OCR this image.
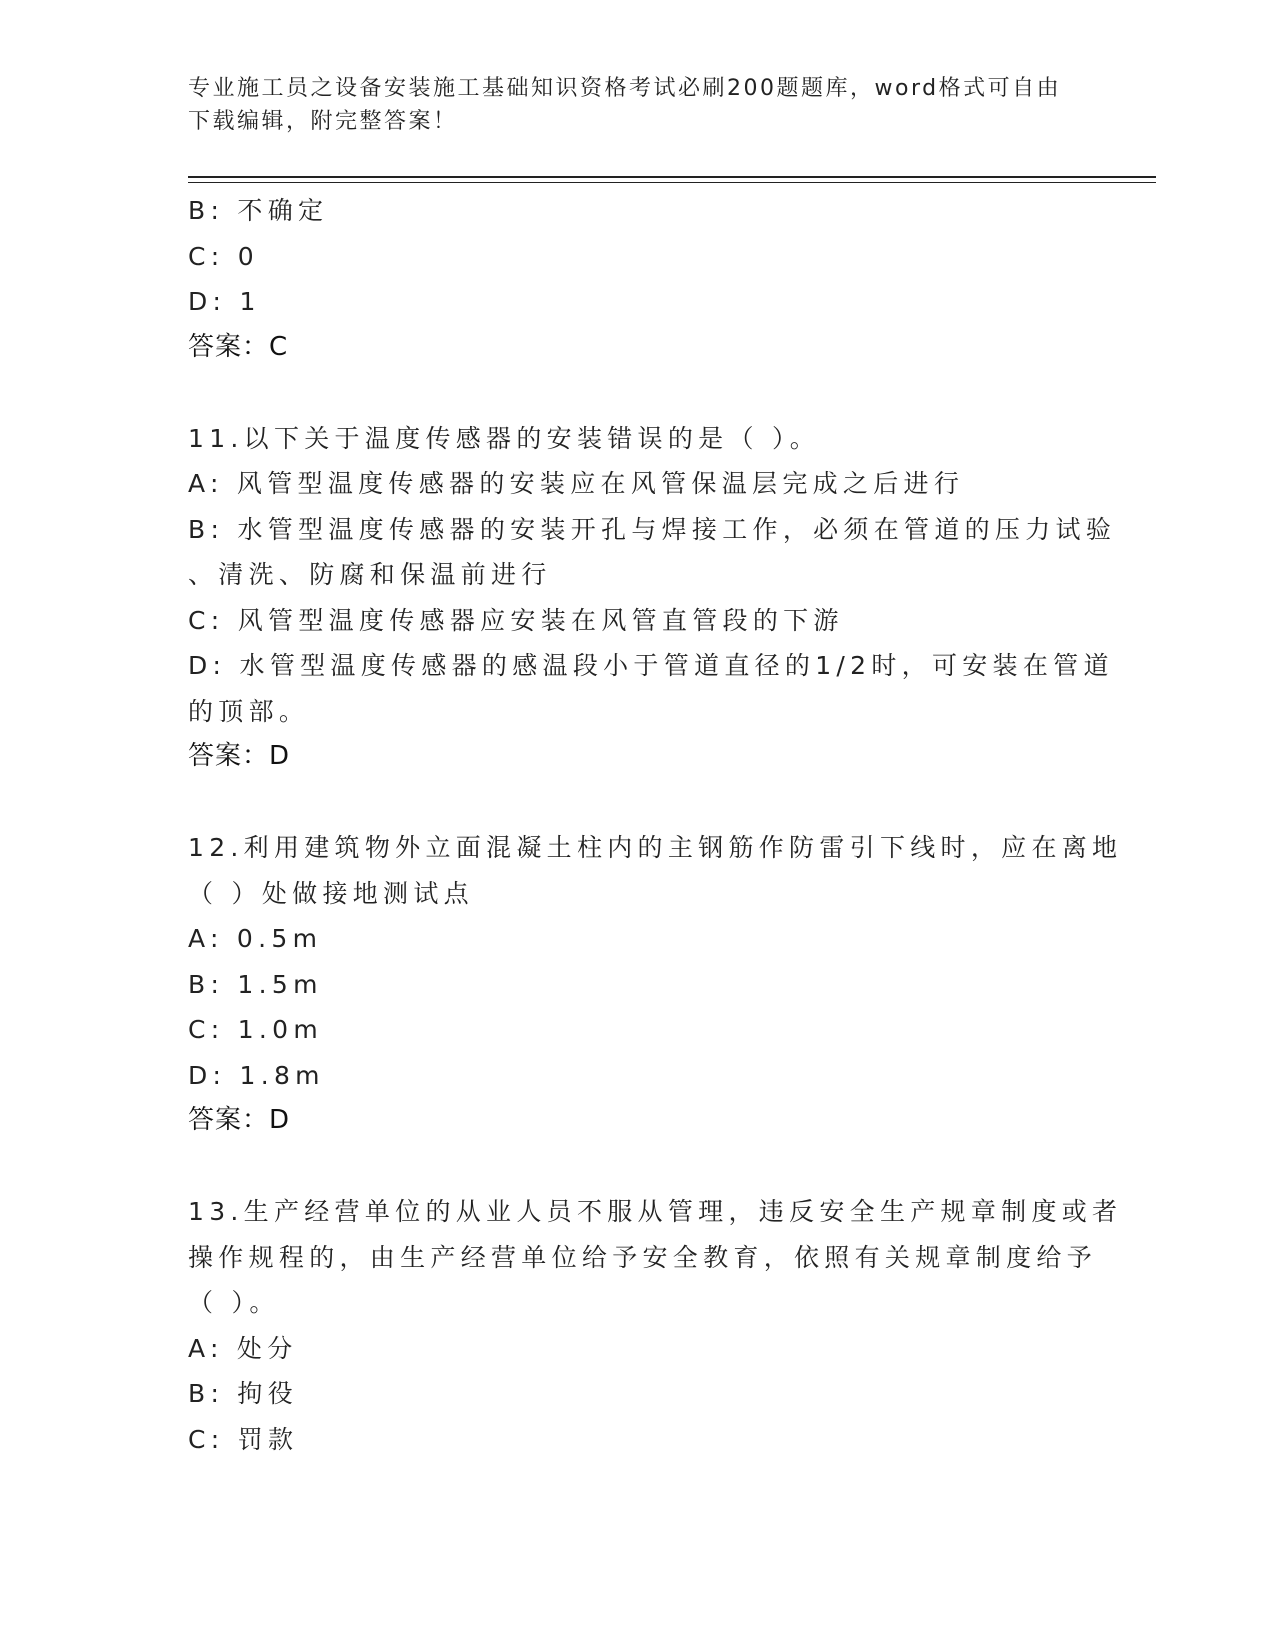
专业施工员之设备安装施工基础知识资格考试必刷200题题库，word格式可自由
下载编辑，附完整答案！
B: 不确定
C: 0
D: 1
答案：C
11.以下关于温度传感器的安装错误的是（ ）。
A: 风管型温度传感器的安装应在风管保温层完成之后进行
B: 水管型温度传感器的安装开孔与焊接工作，必须在管道的压力试验
、清洗、防腐和保温前进行
C: 风管型温度传感器应安装在风管直管段的下游
D: 水管型温度传感器的感温段小于管道直径的1/2时，可安装在管道
的顶部。
答案：D
12.利用建筑物外立面混凝土柱内的主钢筋作防雷引下线时，应在离地
（ ）处做接地测试点
A: 0.5m
B: 1.5m
C: 1.0m
D: 1.8m
答案：D
13.生产经营单位的从业人员不服从管理，违反安全生产规章制度或者
操作规程的，由生产经营单位给予安全教育，依照有关规章制度给予
（ ）。
A: 处分
B: 拘役
C: 罚款
